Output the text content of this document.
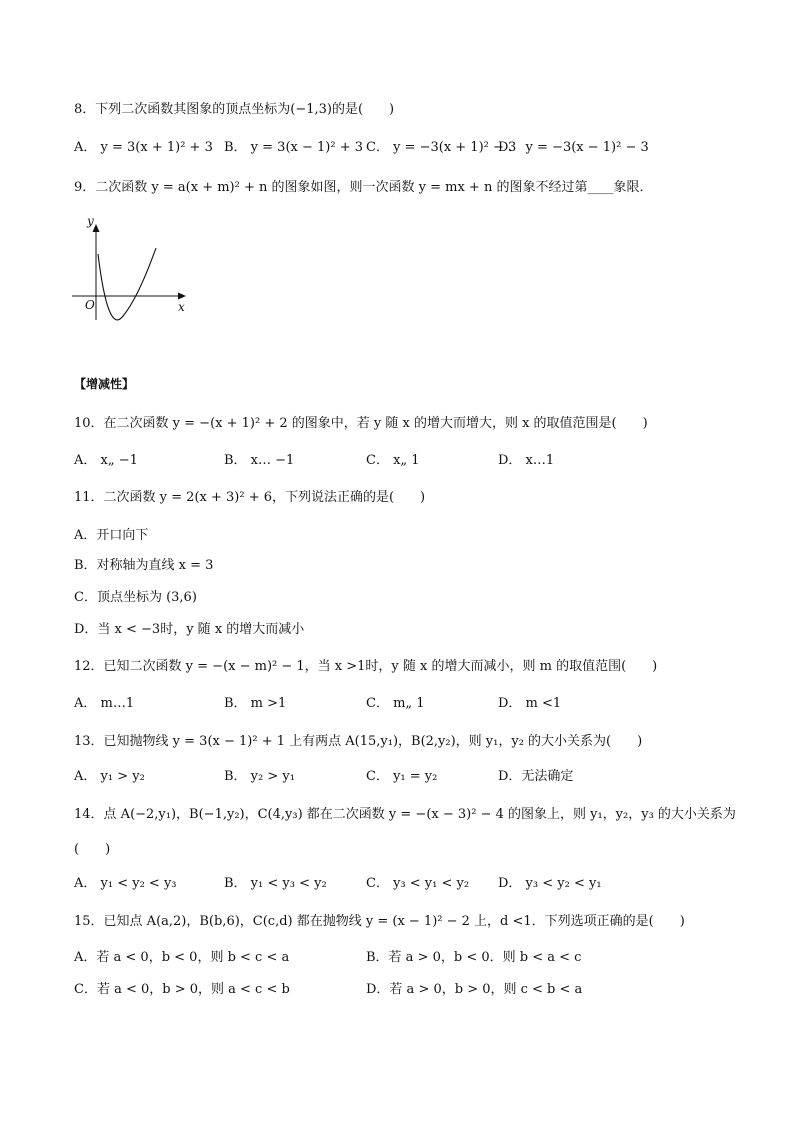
8．下列二次函数其图象的顶点坐标为(−1,3)的是(　　)
A． y = 3(x + 1)² + 3 B． y = 3(x − 1)² + 3 C． y = −3(x + 1)² − 3
D． y = −3(x − 1)² − 3
9．二次函数 y = a(x + m)² + n 的图象如图，则一次函数 y = mx + n 的图象不经过第____象限．
y
x
O
【增减性】
10．在二次函数 y = −(x + 1)² + 2 的图象中，若 y 随 x 的增大而增大，则 x 的取值范围是(　　)
A． x„ −1	B． x… −1	C． x„ 1	D． x…1
11．二次函数 y = 2(x + 3)² + 6，下列说法正确的是(　　)
A．开口向下
B．对称轴为直线 x = 3
C．顶点坐标为 (3,6)
D．当 x < −3时，y 随 x 的增大而减小
12．已知二次函数 y = −(x − m)² − 1，当 x >1时，y 随 x 的增大而减小，则 m 的取值范围(　　)
A． m…1	B． m >1	C． m„ 1	D． m <1
13．已知抛物线 y = 3(x − 1)² + 1 上有两点 A(15,y₁)，B(2,y₂)，则 y₁，y₂ 的大小关系为(　　)
A． y₁ > y₂	B． y₂ > y₁	C． y₁ = y₂	D．无法确定
14．点 A(−2,y₁)，B(−1,y₂)，C(4,y₃) 都在二次函数 y = −(x − 3)² − 4 的图象上，则 y₁，y₂，y₃ 的大小关系为
(　　)
A． y₁ < y₂ < y₃	B． y₁ < y₃ < y₂	C． y₃ < y₁ < y₂ D． y₃ < y₂ < y₁
15．已知点 A(a,2)，B(b,6)，C(c,d) 都在抛物线 y = (x − 1)² − 2 上，d <1．下列选项正确的是(　　)
A．若 a < 0，b < 0，则 b < c < a	B．若 a > 0，b < 0．则 b < a < c
C．若 a < 0，b > 0，则 a < c < b	D．若 a > 0，b > 0，则 c < b < a
